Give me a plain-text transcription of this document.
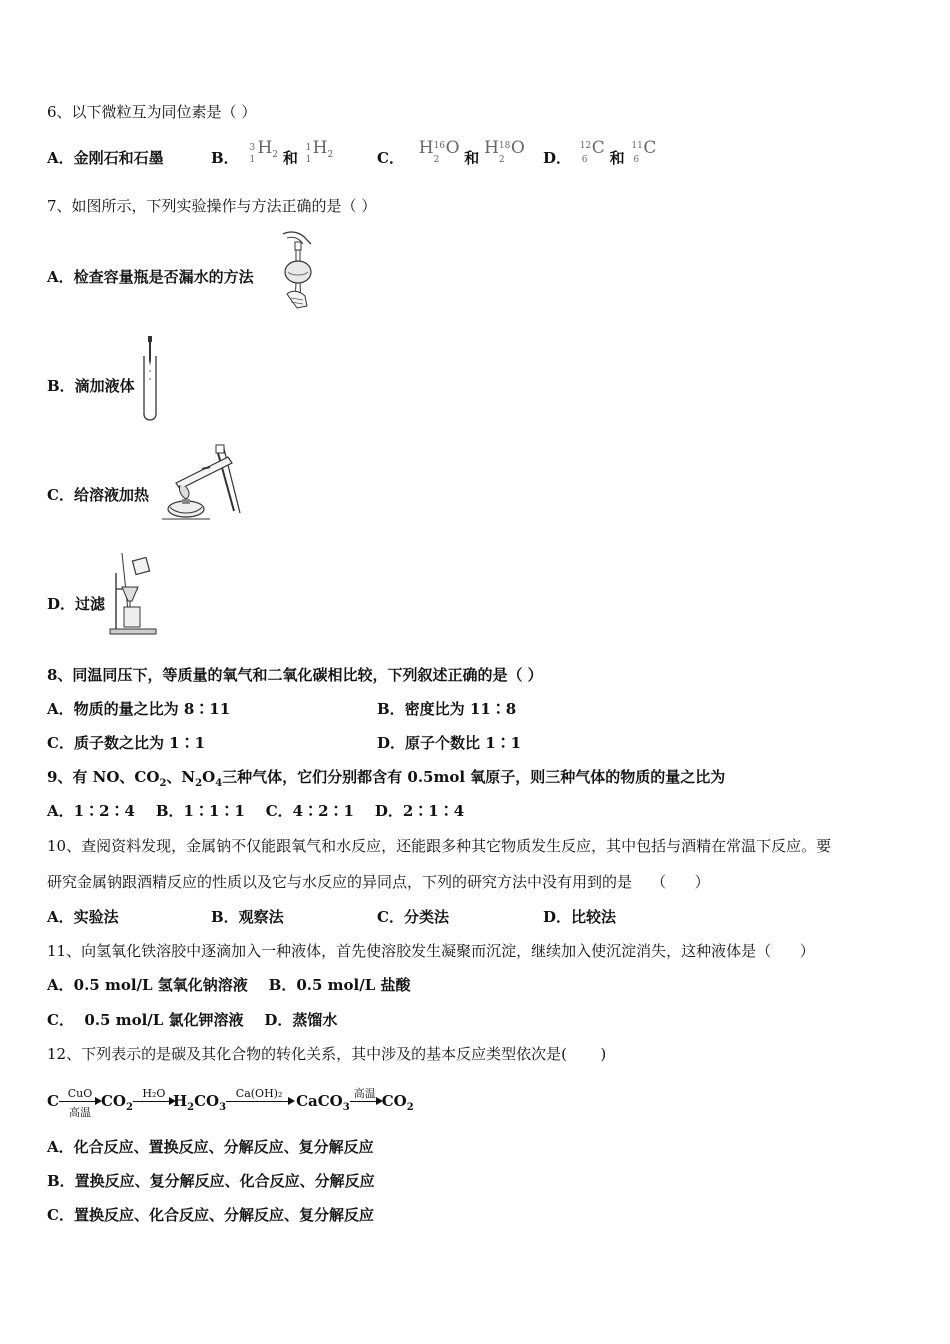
6、以下微粒互为同位素是（ ）
A．金刚石和石墨	B．
3
1
H2 和
1
1
H2	C． H 16
2
O 和 H 18
2
O D．
12
6
C 和
11
6
C
7、如图所示，下列实验操作与方法正确的是（ ）
A．检查容量瓶是否漏水的方法
B．滴加液体
C．给溶液加热
D．过滤
8、同温同压下，等质量的氧气和二氧化碳相比较，下列叙述正确的是（ ）
A．物质的量之比为 8∶11	B．密度比为 11∶8
C．质子数之比为 1∶1	D．原子个数比 1∶1
9、有 NO、$CO_2$、$N_2O_4$三种气体，它们分别都含有 0.5mol 氧原子，则三种气体的物质的量之比为
A．1∶2∶4    B．1∶1∶1    C．4∶2∶1    D．2∶1∶4
10、查阅资料发现，金属钠不仅能跟氧气和水反应，还能跟多种其它物质发生反应，其中包括与酒精在常温下反应。要
研究金属钠跟酒精反应的性质以及它与水反应的异同点，下列的研究方法中没有用到的是    （      ）
A．实验法	B．观察法	C．分类法	D．比较法
11、向氢氧化铁溶胶中逐滴加入一种液体，首先使溶胶发生凝聚而沉淀，继续加入使沉淀消失，这种液体是（      ）
A．0.5 mol/L 氢氧化钠溶液    B．0.5 mol/L 盐酸
C．  0.5 mol/L 氯化钾溶液    D．蒸馏水
12、下列表示的是碳及其化合物的转化关系，其中涉及的基本反应类型依次是(       )
C CuO
高温
$CO_2$
H₂O $H_2CO_3$
Ca(OH)₂ CaCO$_3$
高温 $CO_2$
A．化合反应、置换反应、分解反应、复分解反应
B．置换反应、复分解反应、化合反应、分解反应
C．置换反应、化合反应、分解反应、复分解反应
